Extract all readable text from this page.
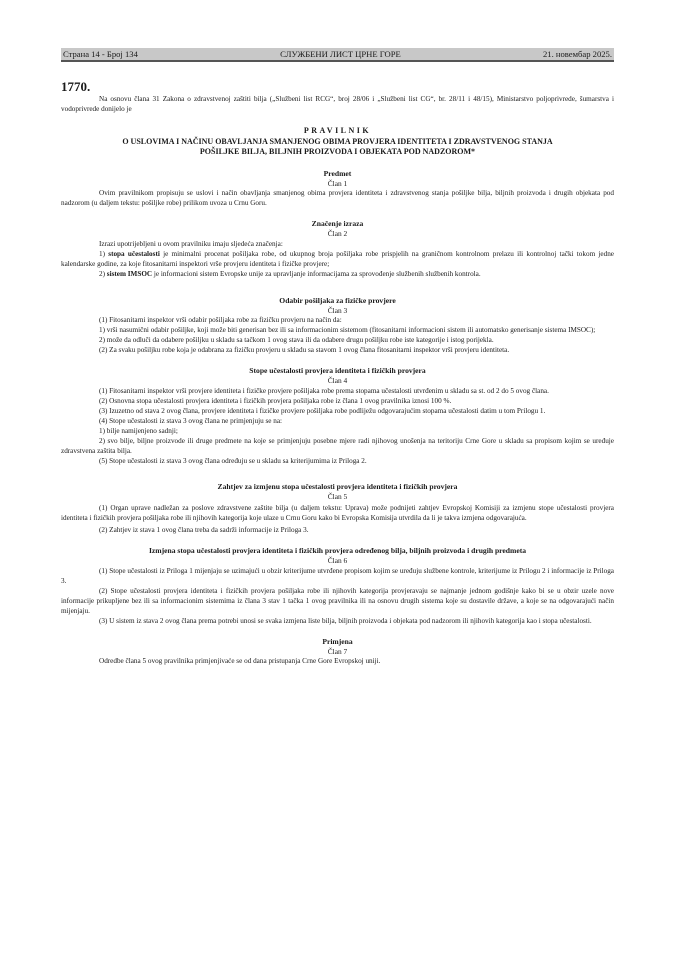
Страна 14 - Број 134	СЛУЖБЕНИ ЛИСТ ЦРНЕ ГОРЕ	21. новембар 2025.
1770.

Na osnovu člana 31 Zakona o zdravstvenoj zaštiti bilja („Službeni list RCG“, broj 28/06 i „Službeni list CG“, br. 28/11 i 48/15), Ministarstvo poljoprivrede, šumarstva i vodoprivrede donijelo je

PRAVILNIK
O USLOVIMA I NAČINU OBAVLJANJA SMANJENOG OBIMA PROVJERA IDENTITETA I ZDRAVSTVENOG STANJA
POŠILJKE BILJA, BILJNIH PROIZVODA I OBJEKATA POD NADZOROM*
Predmet
Član 1

Ovim pravilnikom propisuju se uslovi i način obavljanja smanjenog obima provjera identiteta i zdravstvenog stanja pošiljke bilja, biljnih proizvoda i drugih objekata pod nadzorom (u daljem tekstu: pošiljke robe) prilikom uvoza u Crnu Goru.

Značenje izraza
Član 2

Izrazi upotrijebljeni u ovom pravilniku imaju sljedeća značenja:

1) stopa učestalosti je minimalni procenat pošiljaka robe, od ukupnog broja pošiljaka robe prispjelih na graničnom kontrolnom prelazu ili kontrolnoj tački tokom jedne kalendarske godine, za koje fitosanitarni inspektori vrše provjeru identiteta i fizičke provjere;

2) sistem IMSOC je informacioni sistem Evropske unije za upravljanje informacijama za sprovođenje službenih službenih kontrola.

Odabir pošiljaka za fizičke provjere
Član 3

(1) Fitosanitarni inspektor vrši odabir pošiljaka robe za fizičku provjeru na način da:

1) vrši nasumični odabir pošiljke, koji može biti generisan bez ili sa informacionim sistemom (fitosanitarni informacioni sistem ili automatsko generisanje sistema IMSOC);

2) može da odluči da odabere pošiljku u skladu sa tačkom 1 ovog stava ili da odabere drugu pošiljku robe iste kategorije i istog porijekla.

(2) Za svaku pošiljku robe koja je odabrana za fizičku provjeru u skladu sa stavom 1 ovog člana fitosanitarni inspektor vrši provjeru identiteta.

Stope učestalosti provjera identiteta i fizičkih provjera
Član 4

(1) Fitosanitarni inspektor vrši provjere identiteta i fizičke provjere pošiljaka robe prema stopama učestalosti utvrđenim u skladu sa st. od 2 do 5 ovog člana.

(2) Osnovna stopa učestalosti provjera identiteta i fizičkih provjera pošiljaka robe iz člana 1 ovog pravilnika iznosi 100 %.

(3) Izuzetno od stava 2 ovog člana, provjere identiteta i fizičke provjere pošiljaka robe podliježu odgovarajućim stopama učestalosti datim u tom Prilogu 1.

(4) Stope učestalosti iz stava 3 ovog člana ne primjenjuju se na:

1) bilje namijenjeno sadnji;

2) svo bilje, biljne proizvode ili druge predmete na koje se primjenjuju posebne mjere radi njihovog unošenja na teritoriju Crne Gore u skladu sa propisom kojim se uređuje zdravstvena zaštita bilja.

(5) Stope učestalosti iz stava 3 ovog člana određuju se u skladu sa kriterijumima iz Priloga 2.

Zahtjev za izmjenu stopa učestalosti provjera identiteta i fizičkih provjera
Član 5

(1) Organ uprave nadležan za poslove zdravstvene zaštite bilja (u daljem tekstu: Uprava) može podnijeti zahtjev Evropskoj Komisiji za izmjenu stope učestalosti provjera identiteta i fizičkih provjera pošiljaka robe ili njihovih kategorija koje ulaze u Crnu Goru kako bi Evropska Komisija utvrdila da li je takva izmjena odgovarajuća.

(2) Zahtjev iz stava 1 ovog člana treba da sadrži informacije iz Priloga 3.

Izmjena stopa učestalosti provjera identiteta i fizičkih provjera određenog bilja, biljnih proizvoda i drugih predmeta
Član 6

(1) Stope učestalosti iz Priloga 1 mijenjaju se uzimajući u obzir kriterijume utvrđene propisom kojim se uređuju službene kontrole, kriterijume iz Prilogu 2 i informacije iz Priloga 3.

(2) Stope učestalosti provjera identiteta i fizičkih provjera pošiljaka robe ili njihovih kategorija provjeravaju se najmanje jednom godišnje kako bi se u obzir uzele nove informacije prikupljene bez ili sa informacionim sistemima iz člana 3 stav 1 tačka 1 ovog pravilnika ili na osnovu drugih sistema koje su dostavile države, a koje se na odgovarajući način mijenjaju.

(3) U sistem iz stava 2 ovog člana prema potrebi unosi se svaka izmjena liste bilja, biljnih proizvoda i objekata pod nadzorom ili njihovih kategorija kao i stopa učestalosti.

Primjena
Član 7

Odredbe člana 5 ovog pravilnika primjenjivaće se od dana pristupanja Crne Gore Evropskoj uniji.
